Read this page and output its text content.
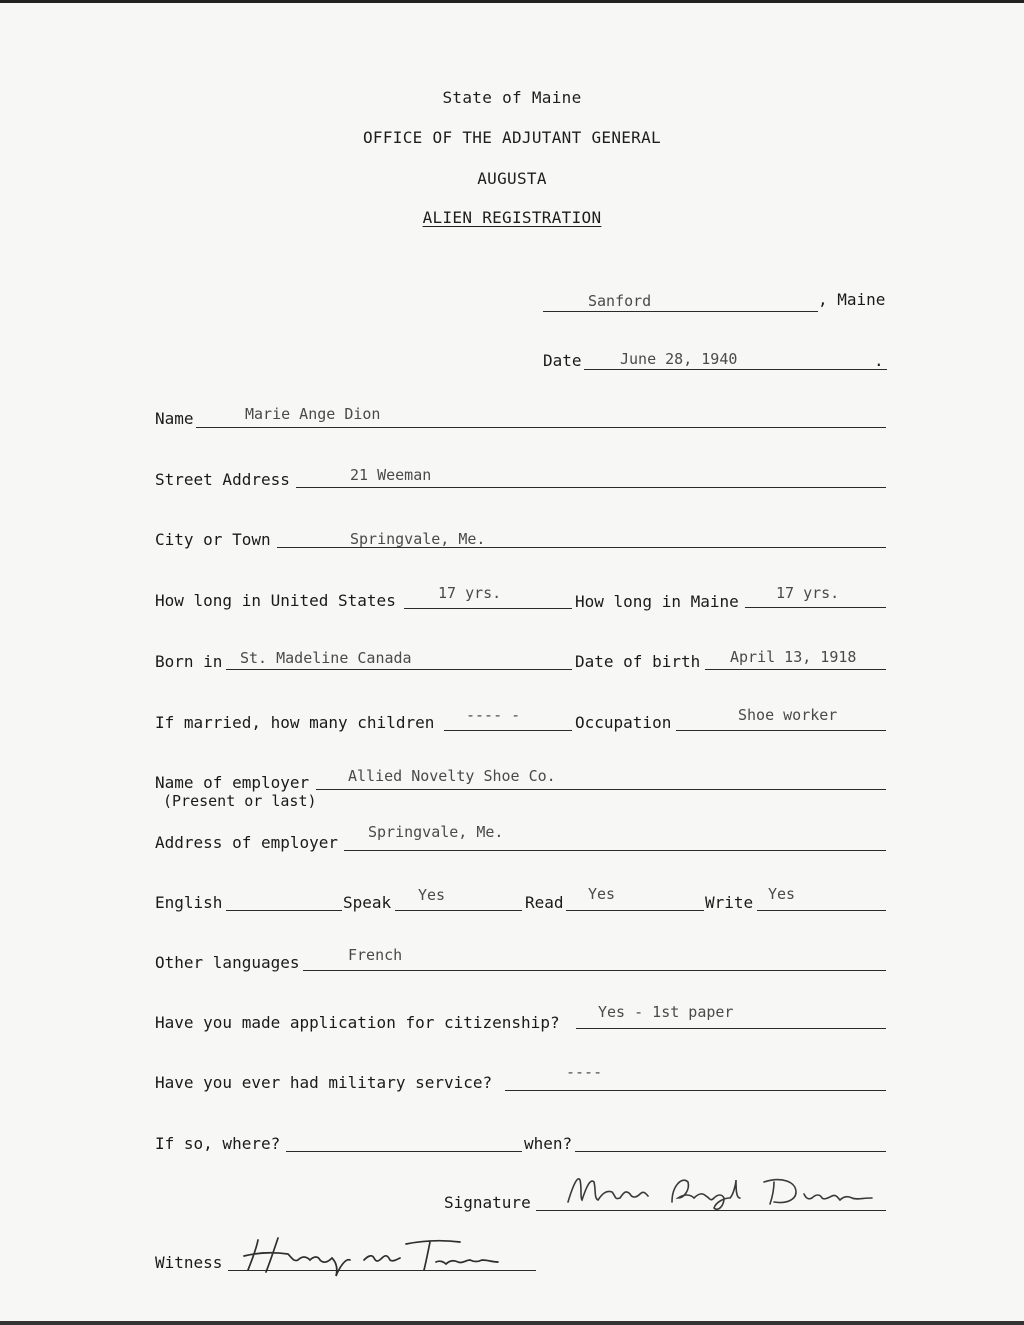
State of Maine
OFFICE OF THE ADJUTANT GENERAL
AUGUSTA
ALIEN REGISTRATION
Sanford	, Maine
Date	June 28, 1940	.
Name	Marie Ange Dion
Street Address	21 Weeman
City or Town	Springvale, Me.
How long in United States	17 yrs.	How long in Maine 17 yrs.
Born in St. Madeline Canada	Date of birth April 13, 1918
If married, how many children ---- -	Occupation	Shoe worker
Name of employer
(Present or last)
Allied Novelty Shoe Co.
Address of employer
Springvale, Me.
English	Speak Yes	Read Yes	Write Yes
Other languages	French
Have you made application for citizenship?
Yes - 1st paper
Have you ever had military service?
----
If so, where?	when?
Signature
Witness
